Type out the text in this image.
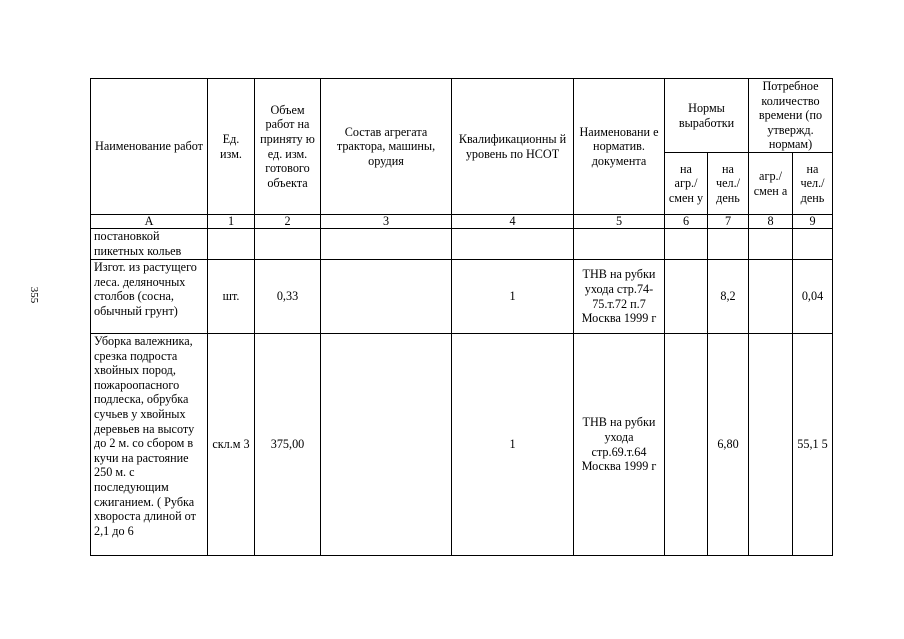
355
Наименование работ	Ед. изм.	Объем работ на приняту ю ед. изм. готового объекта	Состав агрегата трактора, машины, орудия	Квалификационны й уровень по НСОТ	Наименовани е норматив. документа	Нормы выработки		Потребное количество времени (по утвержд. нормам)	
						на агр./ смен у	на чел./ день	агр./ смен а	на чел./ день
А	1	2	3	4	5	6	7	8	9
постановкой пикетных кольев									
Изгот. из растущего леса. деляночных столбов (сосна, обычный грунт)	шт.	0,33		1	ТНВ на рубки ухода стр.74-75.т.72 п.7 Москва 1999 г		8,2		0,04
Уборка валежника, срезка подроста хвойных пород, пожароопасного подлеска, обрубка сучьев у хвойных деревьев на высоту до 2 м. со сбором в кучи на растояние 250 м. с последующим сжиганием. ( Рубка хвороста длиной от 2,1 до 6	скл.м 3	375,00		1	ТНВ на рубки ухода стр.69.т.64 Москва 1999 г		6,80		55,1 5
